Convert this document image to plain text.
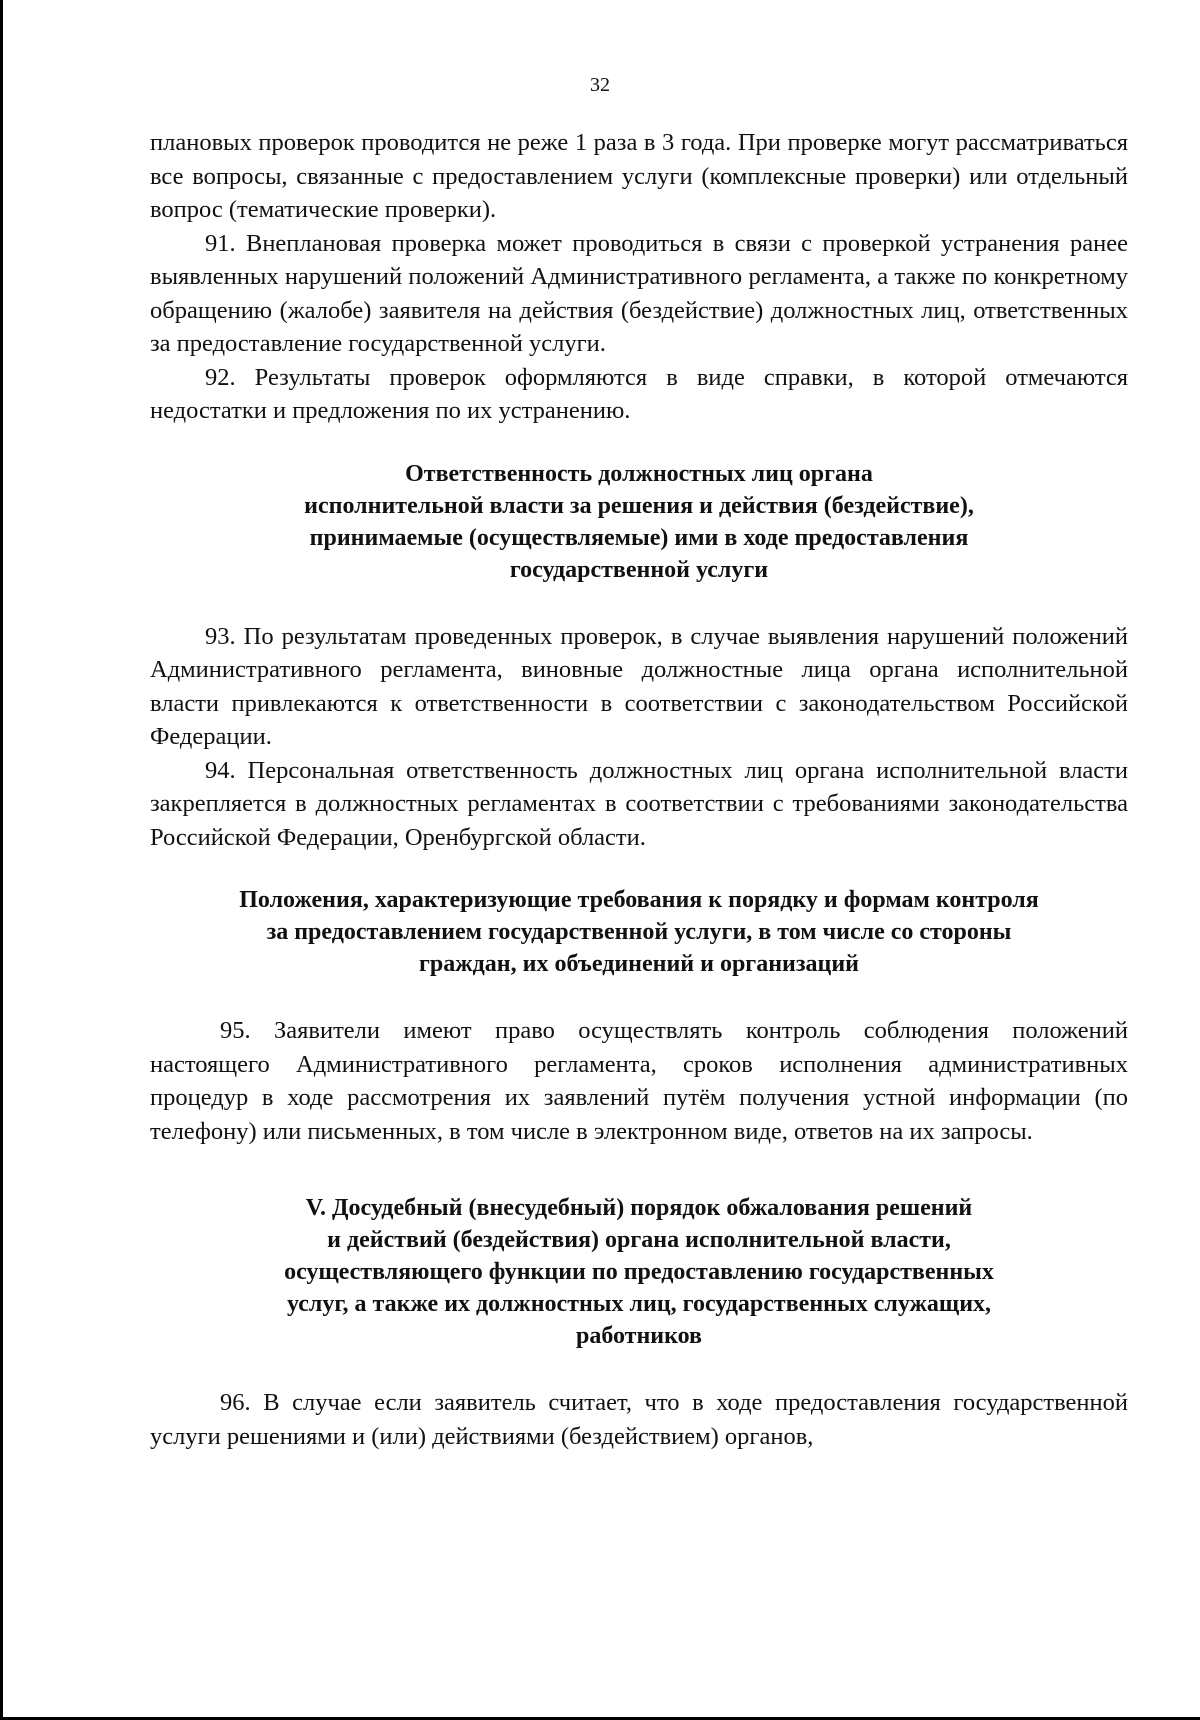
32

плановых проверок проводится не реже 1 раза в 3 года. При проверке могут рассматриваться все вопросы, связанные с предоставлением услуги (комплексные проверки) или отдельный вопрос (тематические проверки).

91. Внеплановая проверка может проводиться в связи с проверкой устранения ранее выявленных нарушений положений Административного регламента, а также по конкретному обращению (жалобе) заявителя на действия (бездействие) должностных лиц, ответственных за предоставление государственной услуги.

92. Результаты проверок оформляются в виде справки, в которой отмечаются недостатки и предложения по их устранению.

Ответственность должностных лиц органа
исполнительной власти за решения и действия (бездействие),
принимаемые (осуществляемые) ими в ходе предоставления
государственной услуги

93. По результатам проведенных проверок, в случае выявления нарушений положений Административного регламента, виновные должностные лица органа исполнительной власти привлекаются к ответственности в соответствии с законодательством Российской Федерации.

94. Персональная ответственность должностных лиц органа исполнительной власти закрепляется в должностных регламентах в соответствии с требованиями законодательства Российской Федерации, Оренбургской области.

Положения, характеризующие требования к порядку и формам контроля
за предоставлением государственной услуги, в том числе со стороны
граждан, их объединений и организаций

95. Заявители имеют право осуществлять контроль соблюдения положений настоящего Административного регламента, сроков исполнения административных процедур в ходе рассмотрения их заявлений путём получения устной информации (по телефону) или письменных, в том числе в электронном виде, ответов на их запросы.

V. Досудебный (внесудебный) порядок обжалования решений
и действий (бездействия) органа исполнительной власти,
осуществляющего функции по предоставлению государственных
услуг, а также их должностных лиц, государственных служащих,
работников

96. В случае если заявитель считает, что в ходе предоставления государственной услуги решениями и (или) действиями (бездействием) органов,
